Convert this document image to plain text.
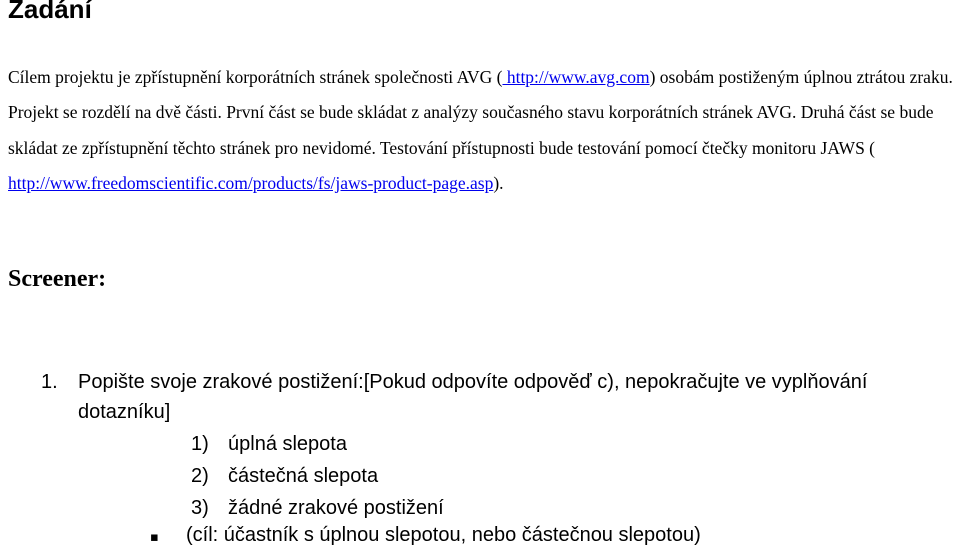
Zadání

Cílem projektu je zpřístupnění korporátních stránek společnosti AVG ( http://www.avg.com) osobám postiženým úplnou ztrátou zraku. Projekt se rozdělí na dvě části. První část se bude skládat z analýzy současného stavu korporátních stránek AVG. Druhá část se bude skládat ze zpřístupnění těchto stránek pro nevidomé. Testování přístupnosti bude testování pomocí čtečky monitoru JAWS ( http://www.freedomscientific.com/products/fs/jaws-product-page.asp).

Screener:
1. Popište svoje zrakové postižení:[Pokud odpovíte odpověď c), nepokračujte ve vyplňování dotazníku]
1) úplná slepota
2) částečná slepota
3) žádné zrakové postižení
▪ (cíl: účastník s úplnou slepotou, nebo částečnou slepotou)
